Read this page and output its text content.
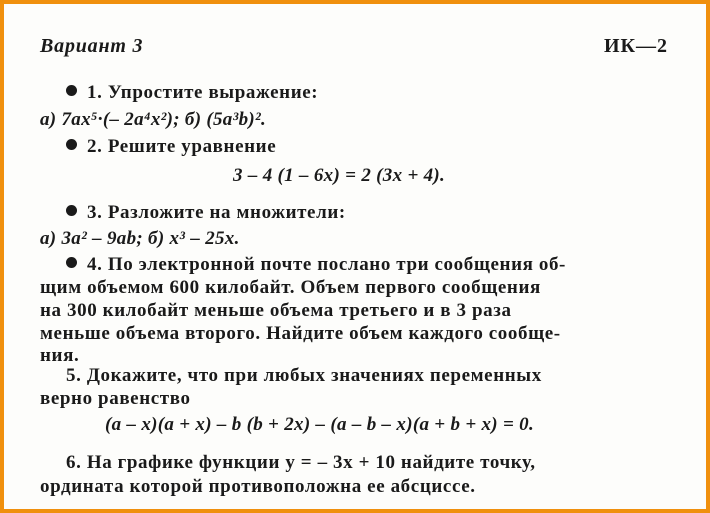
Вариант 3	ИК—2
1. Упростите выражение:
а) 7ax⁵·(– 2a⁴x²); б) (5a³b)².
2. Решите уравнение
3 – 4 (1 – 6x) = 2 (3x + 4).
3. Разложите на множители:
а) 3a² – 9ab; б) x³ – 25x.
4. По электронной почте послано три сообщения об-
щим объемом 600 килобайт. Объем первого сообщения
на 300 килобайт меньше объема третьего и в 3 раза
меньше объема второго. Найдите объем каждого сообще-
ния.
5. Докажите, что при любых значениях переменных
верно равенство
(a – x)(a + x) – b (b + 2x) – (a – b – x)(a + b + x) = 0.
6. На графике функции y = – 3x + 10 найдите точку,
ордината которой противоположна ее абсциссе.
